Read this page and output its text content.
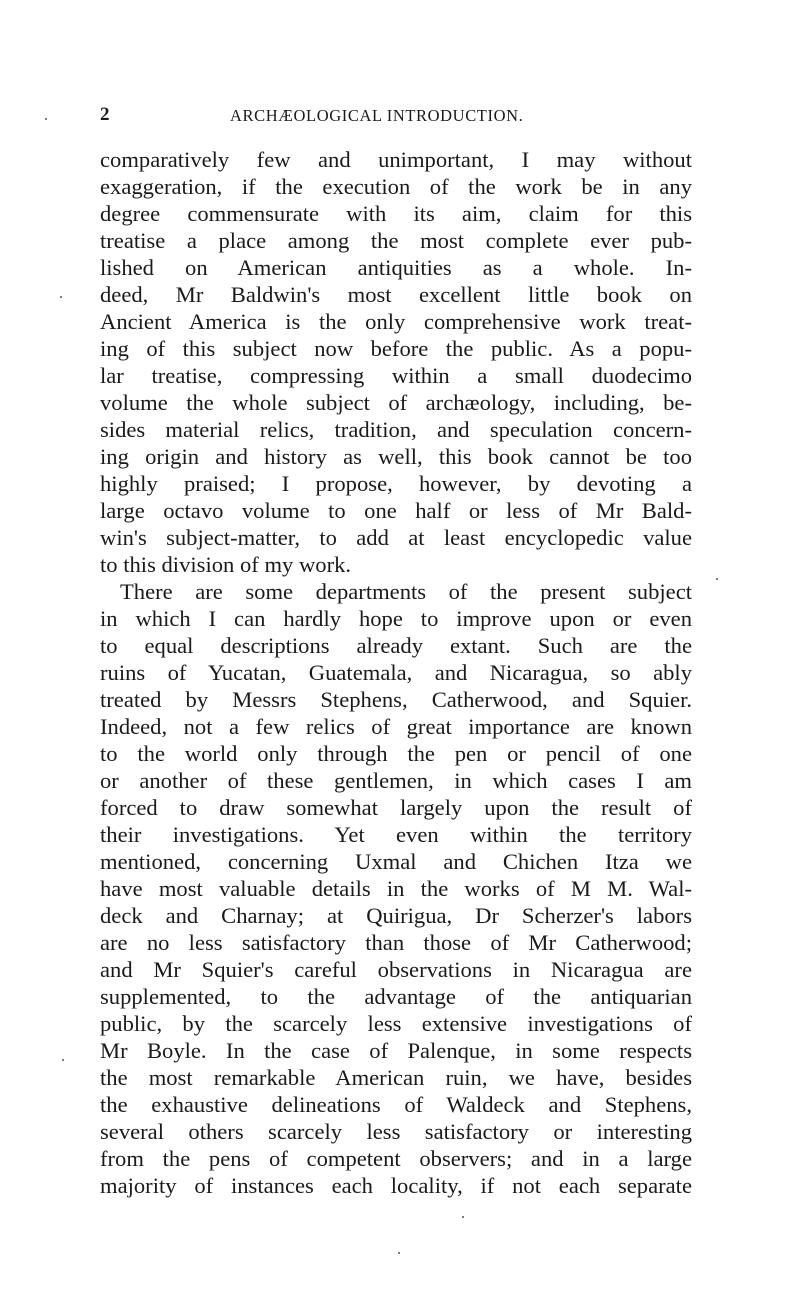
2	ARCHÆOLOGICAL INTRODUCTION.
comparatively few and unimportant, I may without
exaggeration, if the execution of the work be in any
degree commensurate with its aim, claim for this
treatise a place among the most complete ever pub-
lished on American antiquities as a whole. In-
deed, Mr Baldwin's most excellent little book on
Ancient America is the only comprehensive work treat-
ing of this subject now before the public. As a popu-
lar treatise, compressing within a small duodecimo
volume the whole subject of archæology, including, be-
sides material relics, tradition, and speculation concern-
ing origin and history as well, this book cannot be too
highly praised; I propose, however, by devoting a
large octavo volume to one half or less of Mr Bald-
win's subject-matter, to add at least encyclopedic value
to this division of my work.
There are some departments of the present subject
in which I can hardly hope to improve upon or even
to equal descriptions already extant. Such are the
ruins of Yucatan, Guatemala, and Nicaragua, so ably
treated by Messrs Stephens, Catherwood, and Squier.
Indeed, not a few relics of great importance are known
to the world only through the pen or pencil of one
or another of these gentlemen, in which cases I am
forced to draw somewhat largely upon the result of
their investigations. Yet even within the territory
mentioned, concerning Uxmal and Chichen Itza we
have most valuable details in the works of M M. Wal-
deck and Charnay; at Quirigua, Dr Scherzer's labors
are no less satisfactory than those of Mr Catherwood;
and Mr Squier's careful observations in Nicaragua are
supplemented, to the advantage of the antiquarian
public, by the scarcely less extensive investigations of
Mr Boyle. In the case of Palenque, in some respects
the most remarkable American ruin, we have, besides
the exhaustive delineations of Waldeck and Stephens,
several others scarcely less satisfactory or interesting
from the pens of competent observers; and in a large
majority of instances each locality, if not each separate
